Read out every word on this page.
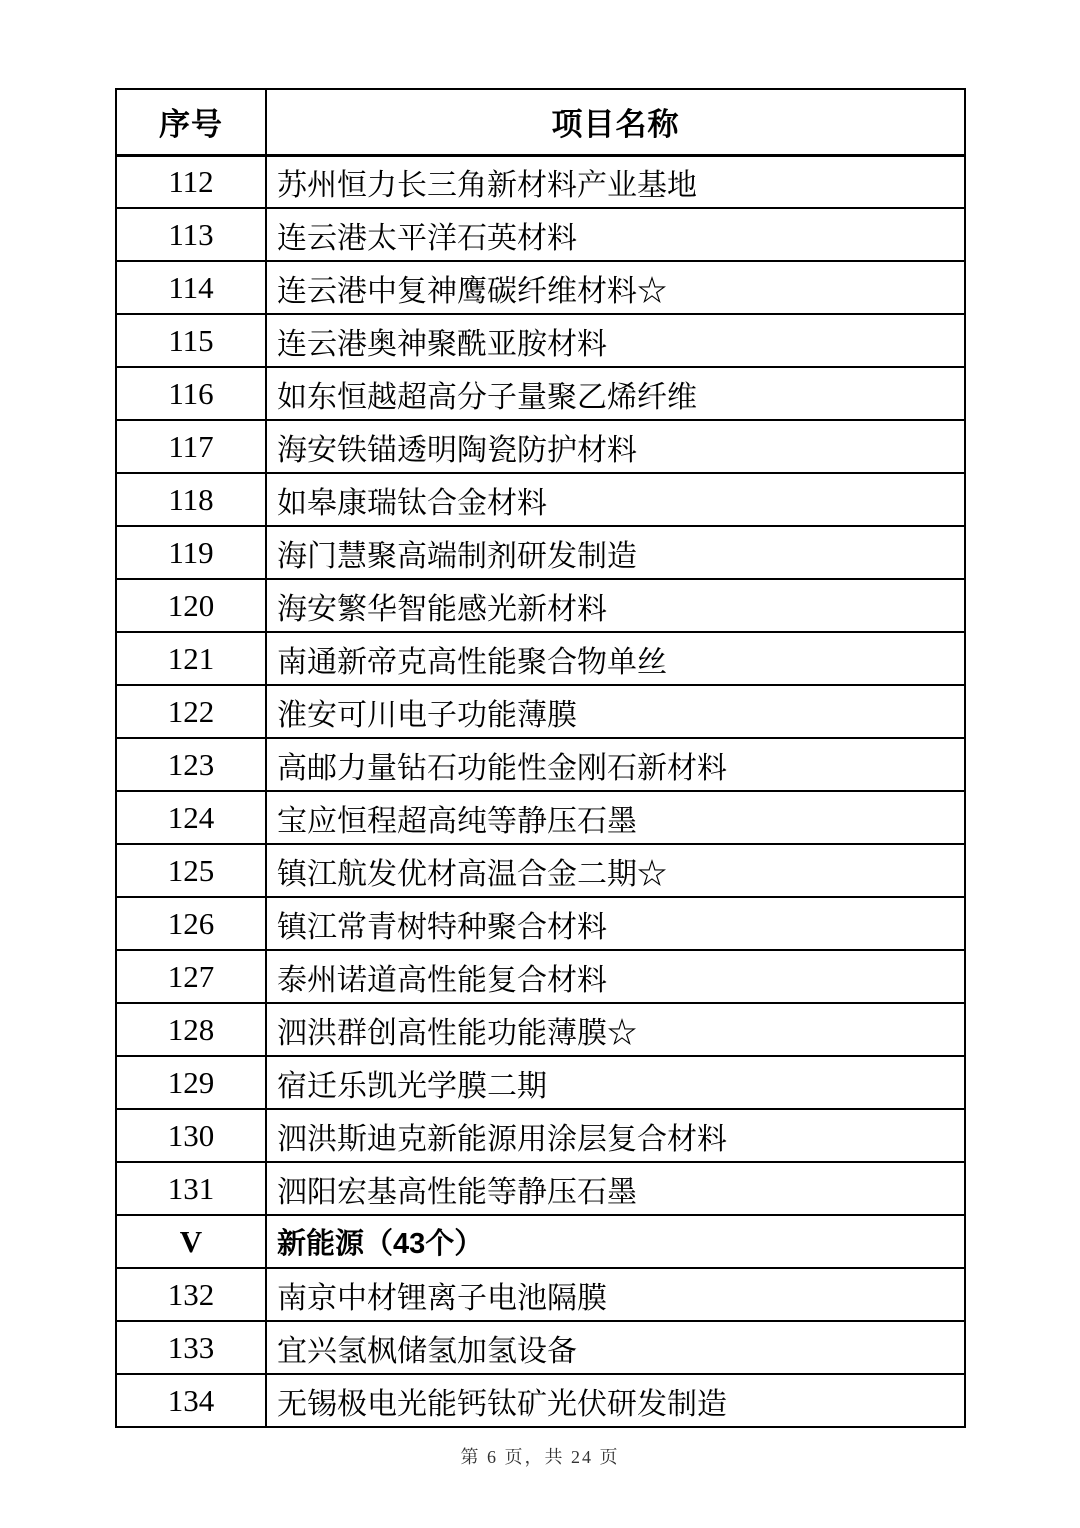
序号	项目名称
112	苏州恒力长三角新材料产业基地
113	连云港太平洋石英材料
114	连云港中复神鹰碳纤维材料☆
115	连云港奥神聚酰亚胺材料
116	如东恒越超高分子量聚乙烯纤维
117	海安铁锚透明陶瓷防护材料
118	如皋康瑞钛合金材料
119	海门慧聚高端制剂研发制造
120	海安繁华智能感光新材料
121	南通新帝克高性能聚合物单丝
122	淮安可川电子功能薄膜
123	高邮力量钻石功能性金刚石新材料
124	宝应恒程超高纯等静压石墨
125	镇江航发优材高温合金二期☆
126	镇江常青树特种聚合材料
127	泰州诺道高性能复合材料
128	泗洪群创高性能功能薄膜☆
129	宿迁乐凯光学膜二期
130	泗洪斯迪克新能源用涂层复合材料
131	泗阳宏基高性能等静压石墨
V	新能源（43个）
132	南京中材锂离子电池隔膜
133	宜兴氢枫储氢加氢设备
134	无锡极电光能钙钛矿光伏研发制造
第 6 页，共 24 页
